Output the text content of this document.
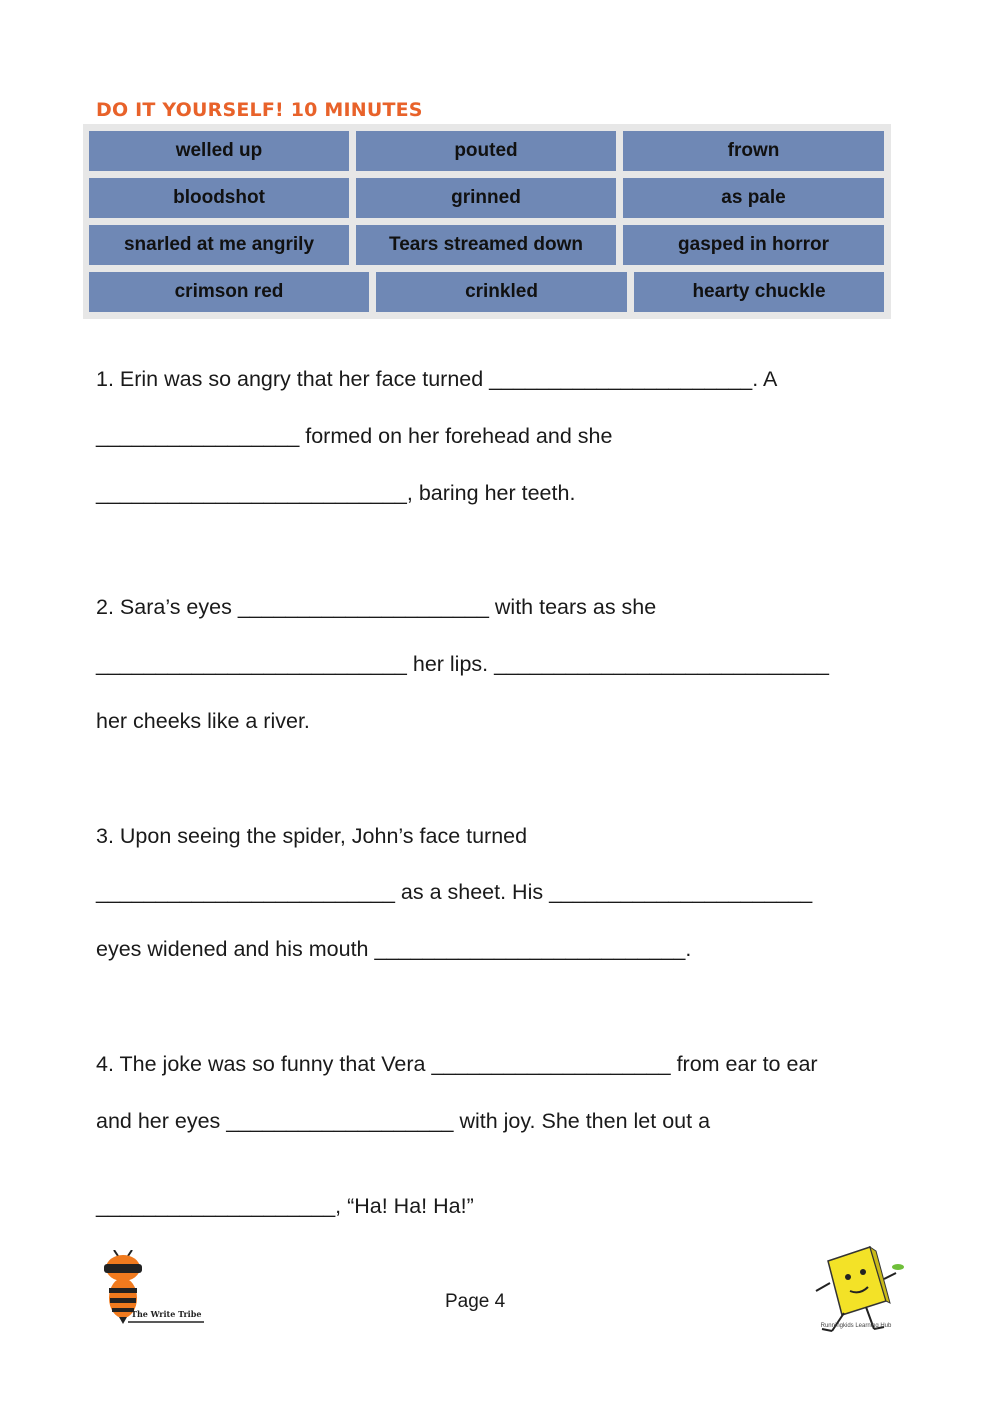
DO IT YOURSELF! 10 MINUTES
welled up	pouted	frown
bloodshot	grinned	as pale
snarled at me angrily	Tears streamed down	gasped in horror
crimson red	crinkled	hearty chuckle
1. Erin was so angry that her face turned ______________________. A
_________________ formed on her forehead and she
__________________________, baring her teeth.
2. Sara’s eyes _____________________ with tears as she
__________________________ her lips. ____________________________
her cheeks like a river.
3. Upon seeing the spider, John’s face turned
_________________________ as a sheet. His ______________________
eyes widened and his mouth __________________________.
4. The joke was so funny that Vera ____________________ from ear to ear
and her eyes ___________________ with joy. She then let out a
____________________, “Ha! Ha! Ha!”
The Write Tribe
Page 4
Runningkids Learning Hub
